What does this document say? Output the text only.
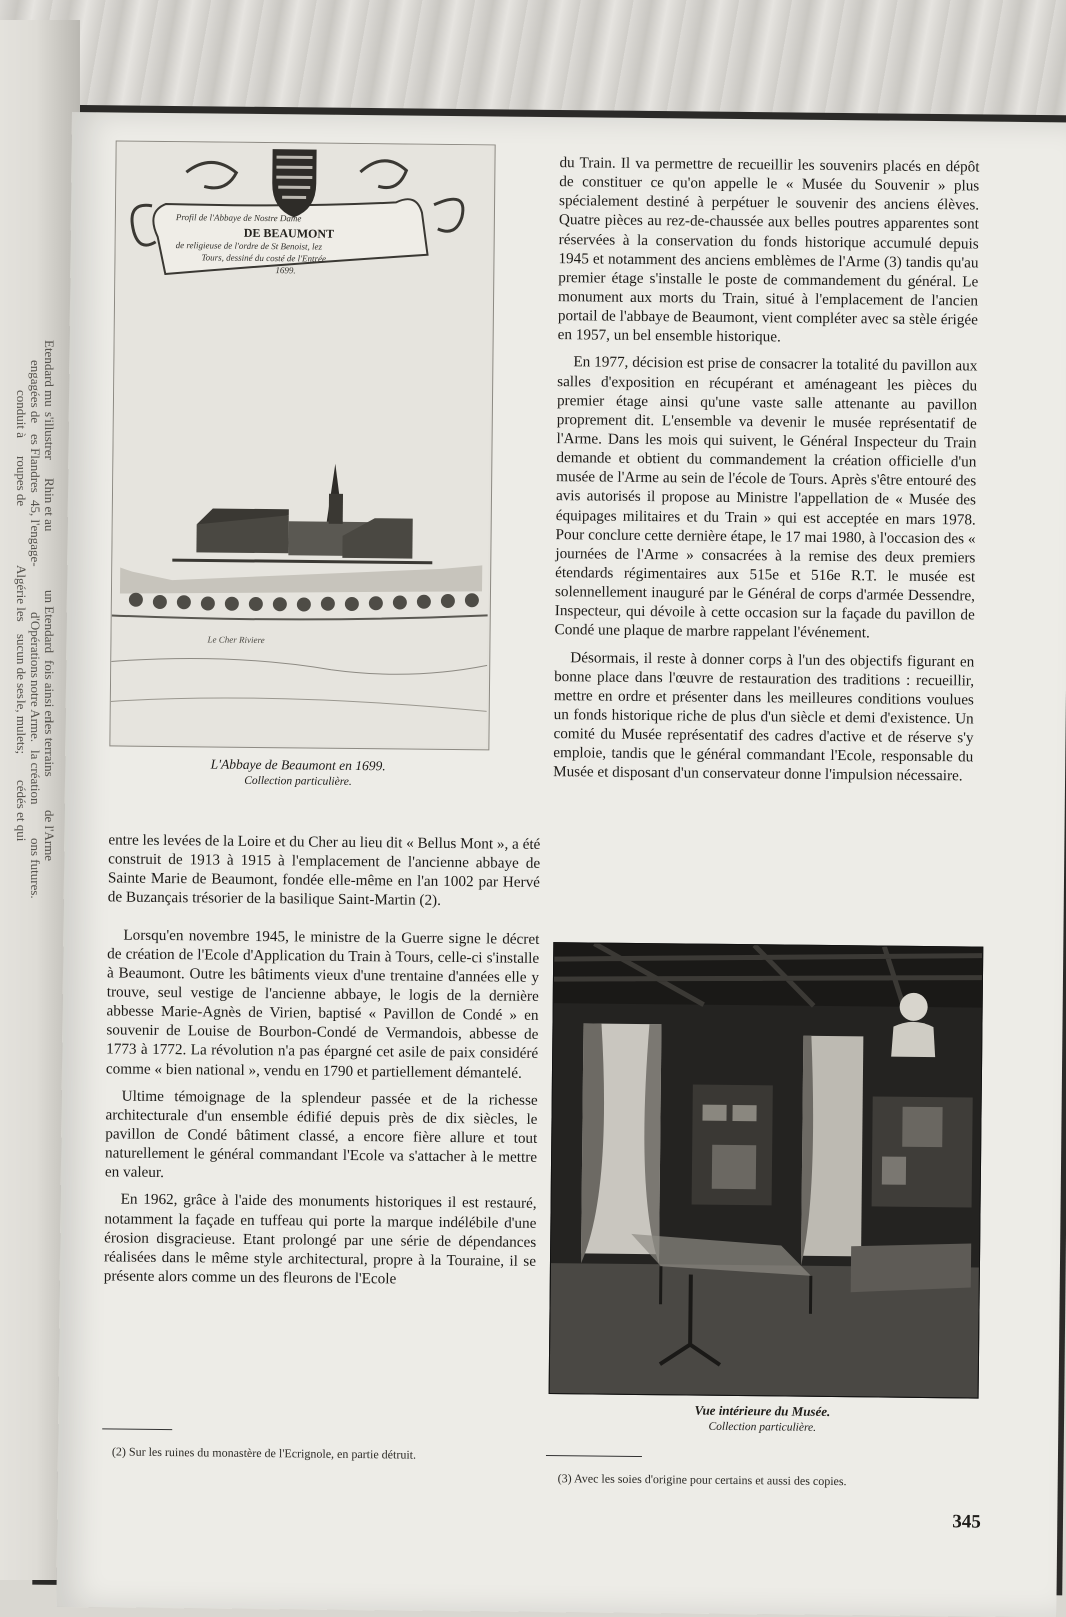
Etendard mu
engagées de
conduit à s'illustrer
es Flandres
roupes de Rhin et au
45, l'engage-
Algérie les un Etendard
d'Opérations
sucun de ses fois ainsi en
notre Arme.
le, mulets; les terrains
la création
cédés et qui de l'Arme
ons futures.
Profil de l'Abbaye de Nostre Dame
DE BEAUMONT
de religieuse de l'ordre de St Benoist, lez
Tours, dessiné du costé de l'Entrée
1699.
Le Cher Riviere
L'Abbaye de Beaumont en 1699.
Collection particulière.

entre les levées de la Loire et du Cher au lieu dit « Bellus Mont », a été construit de 1913 à 1915 à l'emplacement de l'ancienne abbaye de Sainte Marie de Beaumont, fondée elle-même en l'an 1002 par Hervé de Buzançais trésorier de la basilique Saint-Martin (2).

Lorsqu'en novembre 1945, le ministre de la Guerre signe le décret de création de l'Ecole d'Application du Train à Tours, celle-ci s'installe à Beaumont. Outre les bâtiments vieux d'une trentaine d'années elle y trouve, seul vestige de l'ancienne abbaye, le logis de la dernière abbesse Marie-Agnès de Virien, baptisé « Pavillon de Condé » en souvenir de Louise de Bourbon-Condé de Vermandois, abbesse de 1773 à 1772. La révolution n'a pas épargné cet asile de paix considéré comme « bien national », vendu en 1790 et partiellement démantelé.

Ultime témoignage de la splendeur passée et de la richesse architecturale d'un ensemble édifié depuis près de dix siècles, le pavillon de Condé bâtiment classé, a encore fière allure et tout naturellement le général commandant l'Ecole va s'attacher à le mettre en valeur.

En 1962, grâce à l'aide des monuments historiques il est restauré, notamment la façade en tuffeau qui porte la marque indélébile d'une érosion disgracieuse. Etant prolongé par une série de dépendances réalisées dans le même style architectural, propre à la Touraine, il se présente alors comme un des fleurons de l'Ecole

du Train. Il va permettre de recueillir les souvenirs placés en dépôt de constituer ce qu'on appelle le « Musée du Souvenir » plus spécialement destiné à perpétuer le souvenir des anciens élèves. Quatre pièces au rez-de-chaussée aux belles poutres apparentes sont réservées à la conservation du fonds historique accumulé depuis 1945 et notamment des anciens emblèmes de l'Arme (3) tandis qu'au premier étage s'installe le poste de commandement du général. Le monument aux morts du Train, situé à l'emplacement de l'ancien portail de l'abbaye de Beaumont, vient compléter avec sa stèle érigée en 1957, un bel ensemble historique.

En 1977, décision est prise de consacrer la totalité du pavillon aux salles d'exposition en récupérant et aménageant les pièces du premier étage ainsi qu'une vaste salle attenante au pavillon proprement dit. L'ensemble va devenir le musée représentatif de l'Arme. Dans les mois qui suivent, le Général Inspecteur du Train demande et obtient du commandement la création officielle d'un musée de l'Arme au sein de l'école de Tours. Après s'être entouré des avis autorisés il propose au Ministre l'appellation de « Musée des équipages militaires et du Train » qui est acceptée en mars 1978. Pour conclure cette dernière étape, le 17 mai 1980, à l'occasion des « journées de l'Arme » consacrées à la remise des deux premiers étendards régimentaires aux 515e et 516e R.T. le musée est solennellement inauguré par le Général de corps d'armée Dessendre, Inspecteur, qui dévoile à cette occasion sur la façade du pavillon de Condé une plaque de marbre rappelant l'événement.

Désormais, il reste à donner corps à l'un des objectifs figurant en bonne place dans l'œuvre de restauration des traditions : recueillir, mettre en ordre et présenter dans les meilleures conditions voulues un fonds historique riche de plus d'un siècle et demi d'existence. Un comité du Musée représentatif des cadres d'active et de réserve s'y emploie, tandis que le général commandant l'Ecole, responsable du Musée et disposant d'un conservateur donne l'impulsion nécessaire.

Vue intérieure du Musée.
Collection particulière.
(2) Sur les ruines du monastère de l'Ecrignole, en partie détruit.
(3) Avec les soies d'origine pour certains et aussi des copies.
345
